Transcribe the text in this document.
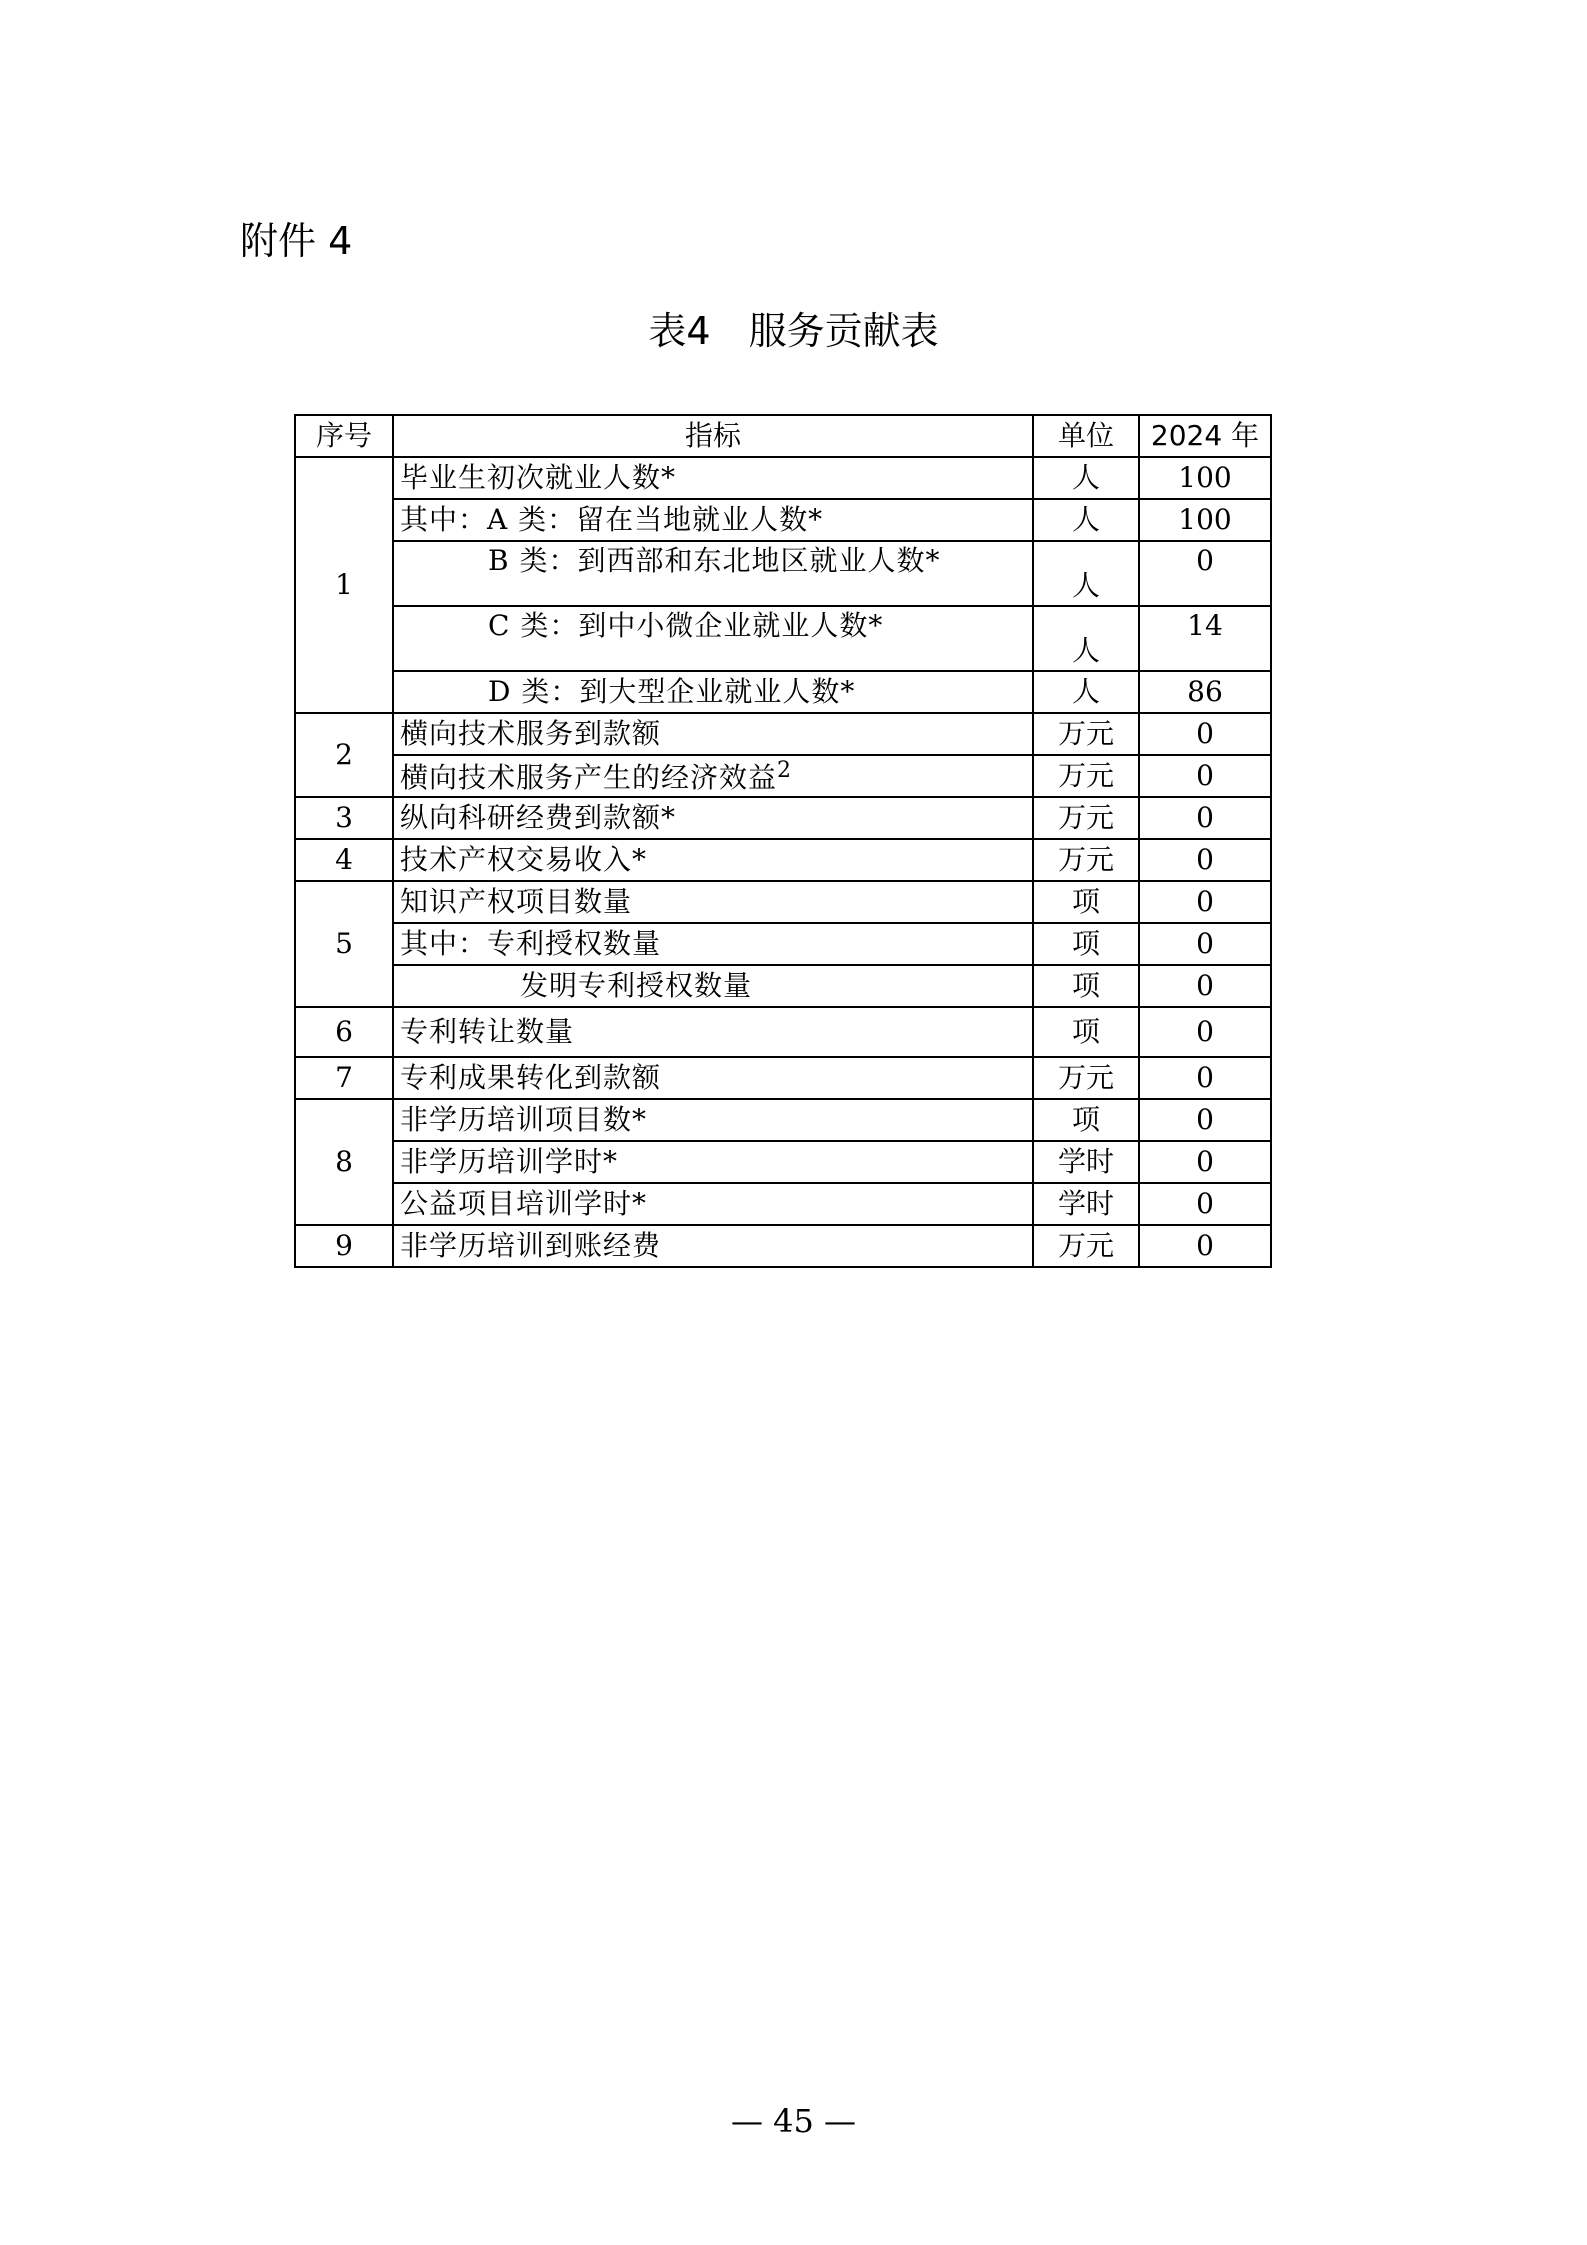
附件 4
表4　服务贡献表
序号	指标	单位	2024 年
1	毕业生初次就业人数*	人	100
	其中：A 类：留在当地就业人数*	人	100
	B 类：到西部和东北地区就业人数*	人	0
	C 类：到中小微企业就业人数*	人	14
	D 类：到大型企业就业人数*	人	86
2	横向技术服务到款额	万元	0
	横向技术服务产生的经济效益$^2$	万元	0
3	纵向科研经费到款额*	万元	0
4	技术产权交易收入*	万元	0
5	知识产权项目数量	项	0
	其中：专利授权数量	项	0
	发明专利授权数量	项	0
6	专利转让数量	项	0
7	专利成果转化到款额	万元	0
8	非学历培训项目数*	项	0
	非学历培训学时*	学时	0
	公益项目培训学时*	学时	0
9	非学历培训到账经费	万元	0
— 45 —
